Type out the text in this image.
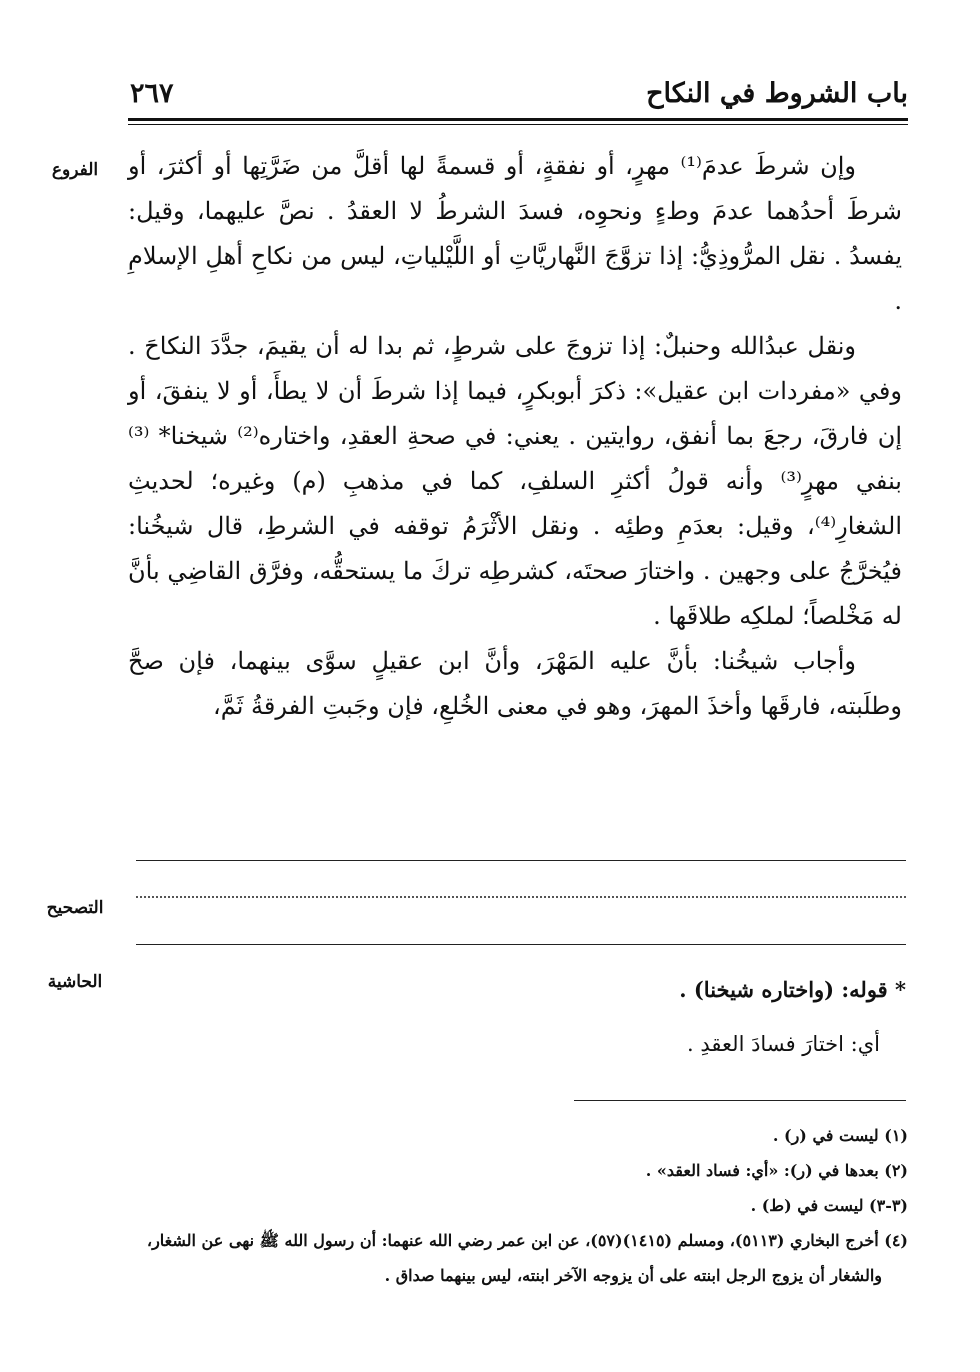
باب الشروط في النكاح
٢٦٧
الفروع	وإن شرطَ عدمَ⁽¹⁾ مهرٍ، أو نفقةٍ، أو قسمةً لها أقلَّ من ضَرَّتِها أو أكثرَ، أو شرطَ أحدُهما عدمَ وطءٍ ونحوِه، فسدَ الشرطُ لا العقدُ . نصَّ عليهما، وقيل: يفسدُ . نقل المرُّوذِيُّ: إذا تزوَّجَ النَّهاريَّاتِ أو اللَّيْلياتِ، ليس من نكاحِ أهلِ الإسلامِ .

ونقل عبدُالله وحنبلٌ: إذا تزوجَ على شرطٍ، ثم بدا له أن يقيمَ، جدَّدَ النكاحَ . وفي «مفردات ابن عقيل»: ذكرَ أبوبكرٍ، فيما إذا شرطَ أن لا يطأَ، أو لا ينفقَ، أو إن فارقَ، رجعَ بما أنفق، روايتين . يعني: في صحةِ العقدِ، واختاره⁽²⁾ شيخنا* ⁽³⁾بنفي مهرٍ⁽³⁾ وأنه قولُ أكثرِ السلفِ، كما في مذهبِ (م) وغيره؛ لحديثِ الشغارِ⁽⁴⁾، وقيل: بعدَمِ وطئِه . ونقل الأثْرَمُ توقفه في الشرطِ، قال شيخُنا: فيُخرَّجُ على وجهين . واختارَ صحتَه، كشرطِه تركَ ما يستحقُّه، وفرَّق القاضِي بأنَّ له مَخْلصاً؛ لملكِه طلاقَها .

وأجاب شيخُنا: بأنَّ عليه المَهْرَ، وأنَّ ابن عقيلٍ سوَّى بينهما، فإن صحَّ وطلَبته، فارقَها وأخذَ المهرَ، وهو في معنى الخُلعِ، فإن وجَبتِ الفرقةُ ثَمَّ،

التصحيح
الحاشية	* قوله: (واختاره شيخنا) .
أي: اختارَ فسادَ العقدِ .
(١) ليست في (ر) .
(٢) بعدها في (ر): «أي: فساد العقد» .
(٣-٣) ليست في (ط) .
(٤) أخرج البخاري (٥١١٣)، ومسلم (١٤١٥)(٥٧)، عن ابن عمر رضي الله عنهما: أن رسول الله ﷺ نهى عن الشغار،
والشغار أن يزوج الرجل ابنته على أن يزوجه الآخر ابنته، ليس بينهما صداق .
